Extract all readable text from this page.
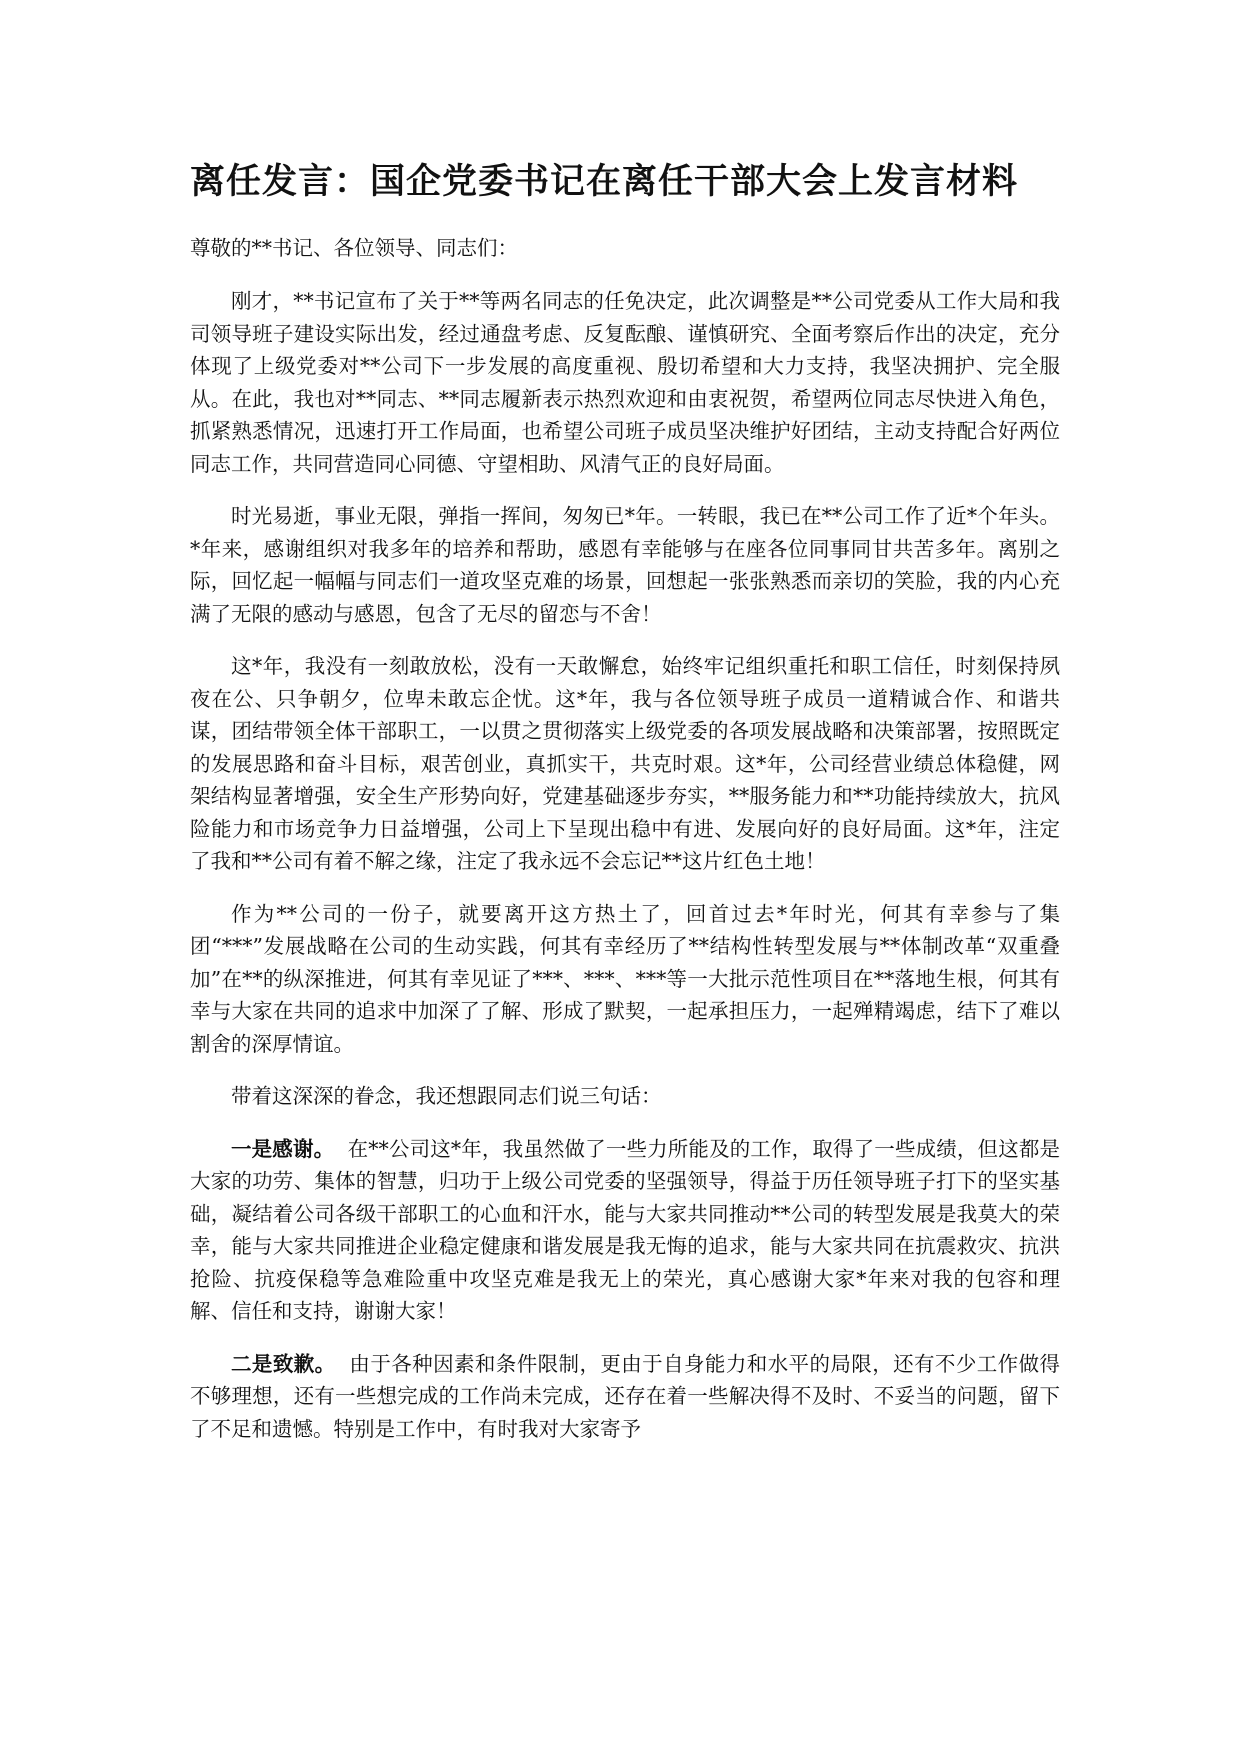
离任发言：国企党委书记在离任干部大会上发言材料

尊敬的**书记、各位领导、同志们：

刚才，**书记宣布了关于**等两名同志的任免决定，此次调整是**公司党委从工作大局和我司领导班子建设实际出发，经过通盘考虑、反复酝酿、谨慎研究、全面考察后作出的决定，充分体现了上级党委对**公司下一步发展的高度重视、殷切希望和大力支持，我坚决拥护、完全服从。在此，我也对**同志、**同志履新表示热烈欢迎和由衷祝贺，希望两位同志尽快进入角色，抓紧熟悉情况，迅速打开工作局面，也希望公司班子成员坚决维护好团结，主动支持配合好两位同志工作，共同营造同心同德、守望相助、风清气正的良好局面。

时光易逝，事业无限，弹指一挥间，匆匆已*年。一转眼，我已在**公司工作了近*个年头。*年来，感谢组织对我多年的培养和帮助，感恩有幸能够与在座各位同事同甘共苦多年。离别之际，回忆起一幅幅与同志们一道攻坚克难的场景，回想起一张张熟悉而亲切的笑脸，我的内心充满了无限的感动与感恩，包含了无尽的留恋与不舍！

这*年，我没有一刻敢放松，没有一天敢懈怠，始终牢记组织重托和职工信任，时刻保持夙夜在公、只争朝夕，位卑未敢忘企忧。这*年，我与各位领导班子成员一道精诚合作、和谐共谋，团结带领全体干部职工，一以贯之贯彻落实上级党委的各项发展战略和决策部署，按照既定的发展思路和奋斗目标，艰苦创业，真抓实干，共克时艰。这*年，公司经营业绩总体稳健，网架结构显著增强，安全生产形势向好，党建基础逐步夯实，**服务能力和**功能持续放大，抗风险能力和市场竞争力日益增强，公司上下呈现出稳中有进、发展向好的良好局面。这*年，注定了我和**公司有着不解之缘，注定了我永远不会忘记**这片红色土地！

作为**公司的一份子，就要离开这方热土了，回首过去*年时光，何其有幸参与了集团“***”发展战略在公司的生动实践，何其有幸经历了**结构性转型发展与**体制改革“双重叠加”在**的纵深推进，何其有幸见证了***、***、***等一大批示范性项目在**落地生根，何其有幸与大家在共同的追求中加深了了解、形成了默契，一起承担压力，一起殚精竭虑，结下了难以割舍的深厚情谊。

带着这深深的眷念，我还想跟同志们说三句话：

一是感谢。 在**公司这*年，我虽然做了一些力所能及的工作，取得了一些成绩，但这都是大家的功劳、集体的智慧，归功于上级公司党委的坚强领导，得益于历任领导班子打下的坚实基础，凝结着公司各级干部职工的心血和汗水，能与大家共同推动**公司的转型发展是我莫大的荣幸，能与大家共同推进企业稳定健康和谐发展是我无悔的追求，能与大家共同在抗震救灾、抗洪抢险、抗疫保稳等急难险重中攻坚克难是我无上的荣光，真心感谢大家*年来对我的包容和理解、信任和支持，谢谢大家！

二是致歉。 由于各种因素和条件限制，更由于自身能力和水平的局限，还有不少工作做得不够理想，还有一些想完成的工作尚未完成，还存在着一些解决得不及时、不妥当的问题，留下了不足和遗憾。特别是工作中，有时我对大家寄予
